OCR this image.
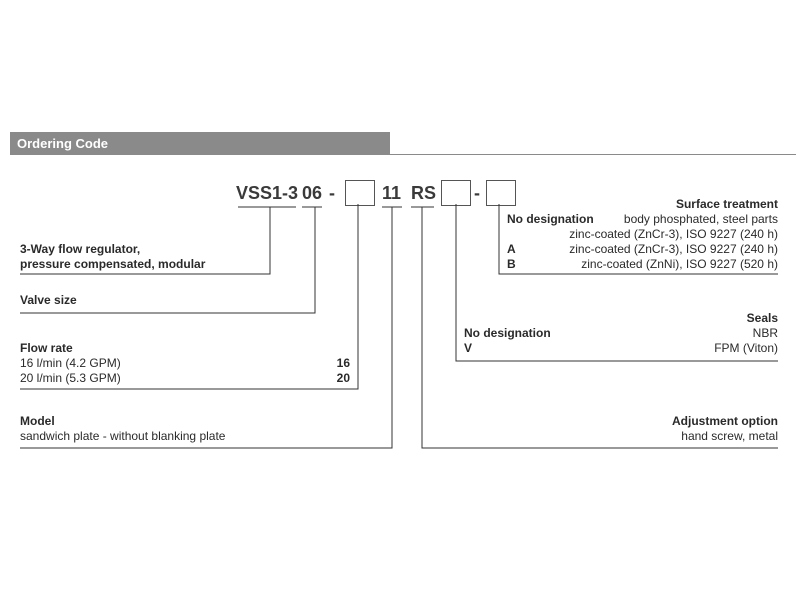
Ordering Code
VSS1-3 06 -	11 RS -
3-Way flow regulator,
pressure compensated, modular
Valve size
Flow rate
16 l/min (4.2 GPM)	16
20 l/min (5.3 GPM)	20
Model
sandwich plate - without blanking plate
Surface treatment
No designation	body phosphated, steel parts
zinc-coated (ZnCr-3), ISO 9227 (240 h)
A	zinc-coated (ZnCr-3), ISO 9227 (240 h)
B	zinc-coated (ZnNi), ISO 9227 (520 h)
Seals
No designation	NBR
V	FPM (Viton)
Adjustment option
hand screw, metal
